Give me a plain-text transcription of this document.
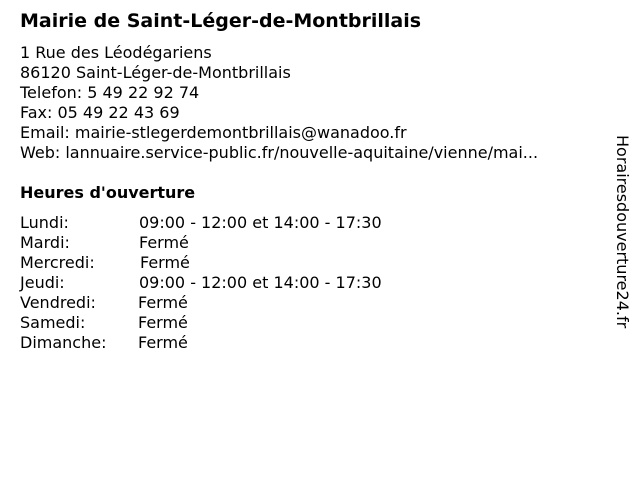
Mairie de Saint-Léger-de-Montbrillais
1 Rue des Léodégariens
86120 Saint-Léger-de-Montbrillais
Telefon: 5 49 22 92 74
Fax: 05 49 22 43 69
Email: mairie-stlegerdemontbrillais@wanadoo.fr
Web: lannuaire.service-public.fr/nouvelle-aquitaine/vienne/mai...
Heures d'ouverture
Lundi:	09:00 - 12:00 et 14:00 - 17:30
Mardi:	Fermé
Mercredi:	Fermé
Jeudi:	09:00 - 12:00 et 14:00 - 17:30
Vendredi:	Fermé
Samedi:	Fermé
Dimanche: Fermé
Horairesdouverture24.fr
